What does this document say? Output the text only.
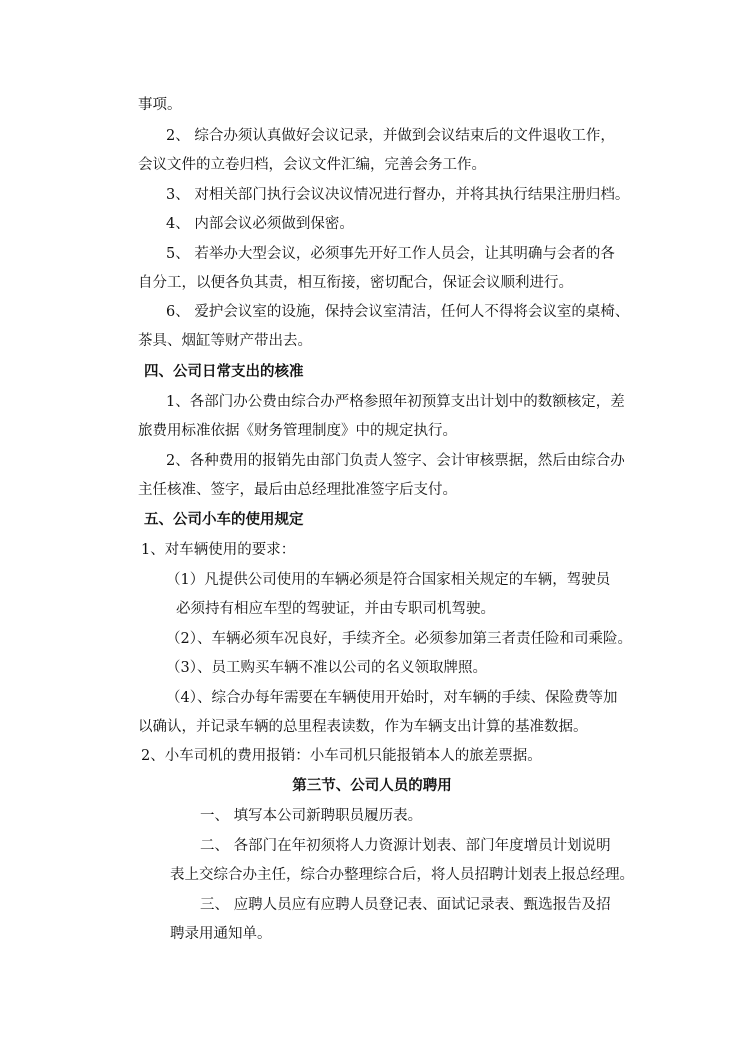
事项。
2、 综合办须认真做好会议记录，并做到会议结束后的文件退收工作，
会议文件的立卷归档，会议文件汇编，完善会务工作。
3、 对相关部门执行会议决议情况进行督办，并将其执行结果注册归档。
4、 内部会议必须做到保密。
5、 若举办大型会议，必须事先开好工作人员会，让其明确与会者的各
自分工，以便各负其责，相互衔接，密切配合，保证会议顺利进行。
6、 爱护会议室的设施，保持会议室清洁，任何人不得将会议室的桌椅、
茶具、烟缸等财产带出去。
四、公司日常支出的核准
1、各部门办公费由综合办严格参照年初预算支出计划中的数额核定，差
旅费用标准依据《财务管理制度》中的规定执行。
2、各种费用的报销先由部门负责人签字、会计审核票据，然后由综合办
主任核准、签字，最后由总经理批准签字后支付。
五、公司小车的使用规定
1、对车辆使用的要求：
（1）凡提供公司使用的车辆必须是符合国家相关规定的车辆，驾驶员
必须持有相应车型的驾驶证，并由专职司机驾驶。
（2）、车辆必须车况良好，手续齐全。必须参加第三者责任险和司乘险。
（3）、员工购买车辆不准以公司的名义领取牌照。
（4）、综合办每年需要在车辆使用开始时，对车辆的手续、保险费等加
以确认，并记录车辆的总里程表读数，作为车辆支出计算的基准数据。
2、小车司机的费用报销：小车司机只能报销本人的旅差票据。
第三节、公司人员的聘用
一、 填写本公司新聘职员履历表。
二、 各部门在年初须将人力资源计划表、部门年度增员计划说明
表上交综合办主任，综合办整理综合后，将人员招聘计划表上报总经理。
三、 应聘人员应有应聘人员登记表、面试记录表、甄选报告及招
聘录用通知单。
